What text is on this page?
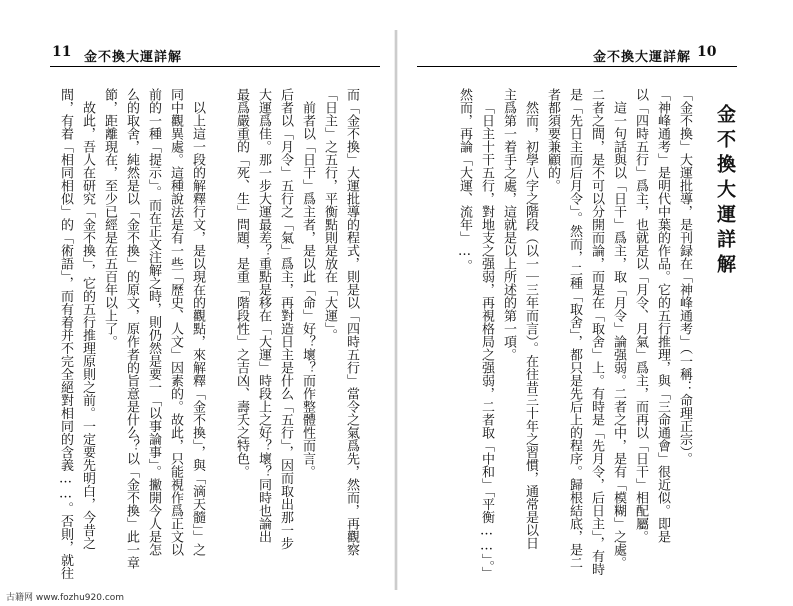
11 金不換大運詳解
而「金不換」大運批導的程式，則是以「四時五行」當令之氣爲先，然而，再觀察
「日主」之五行，平衡點則是放在「大運」。
前者以「日干」爲主者，是以此「命」好？壞？而作整體性而言。
后者以「月令」五行之「氣」爲主，再對造日主是什么「五行」，因而取出那一步
大運爲佳。那一步大運最差？重點是移在「大運」時段上之好？壞？同時也論出
最爲嚴重的「死、生」問題，是重「階段性」之吉凶、壽夭之特色。
以上這一段的解釋行文，是以現在的觀點，來解釋「金不換」，與「滴天髓」」之
同中觀異處。這種說法是有一些「歷史、人文」因素的。故此，只能視作爲正文以
前的一種「提示」。而在正文注解之時，則仍然是要一「以事論事」。撇開今人是怎
么的取舍，純然是以「金不換」的原文，原作者的旨意是什么？以「金不換」此一章
節，距離現在，至少已經是在五百年以上了。
故此，吾人在研究「金不換」，它的五行推理原則之前。一定要先明白，今昔之
間，有着「相同相似」的「術語」，而有着并不完全絕對相同的含義……。否則，就往
金不換大運詳解 10
金不換大運詳解
「金不換」大運批導，是刊録在「神峰通考」（一稱：命理正宗）。
「神峰通考」是明代中葉的作品。它的五行推理，與「三命通會」很近似。即是
以「四時五行」爲主，也就是以「月令、月氣」爲主，而再以「日干」相配屬。
這一句話與以「日干」爲主，取「月令」論强弱。二者之中，是有「模糊」之處。
二者之間，是不可以分開而論，而是在「取舍」上。有時是「先月令，后日主」，有時
是「先日主而后月令」。然而，二種「取舍」，都只是先后上的程序。歸根結底，是二
者都須要兼顧的。
然而，初學八字之階段（以一｜三年而言）。在往昔三十年之習慣，通常是以日
主爲第一着手之處，這就是以上所述的第一項。
「日主十干五行，對地支之强弱，再視格局之强弱，二者取「中和」「平衡……」。」
然而，再論「大運、流年」…。
古籍网 www.fozhu920.com
